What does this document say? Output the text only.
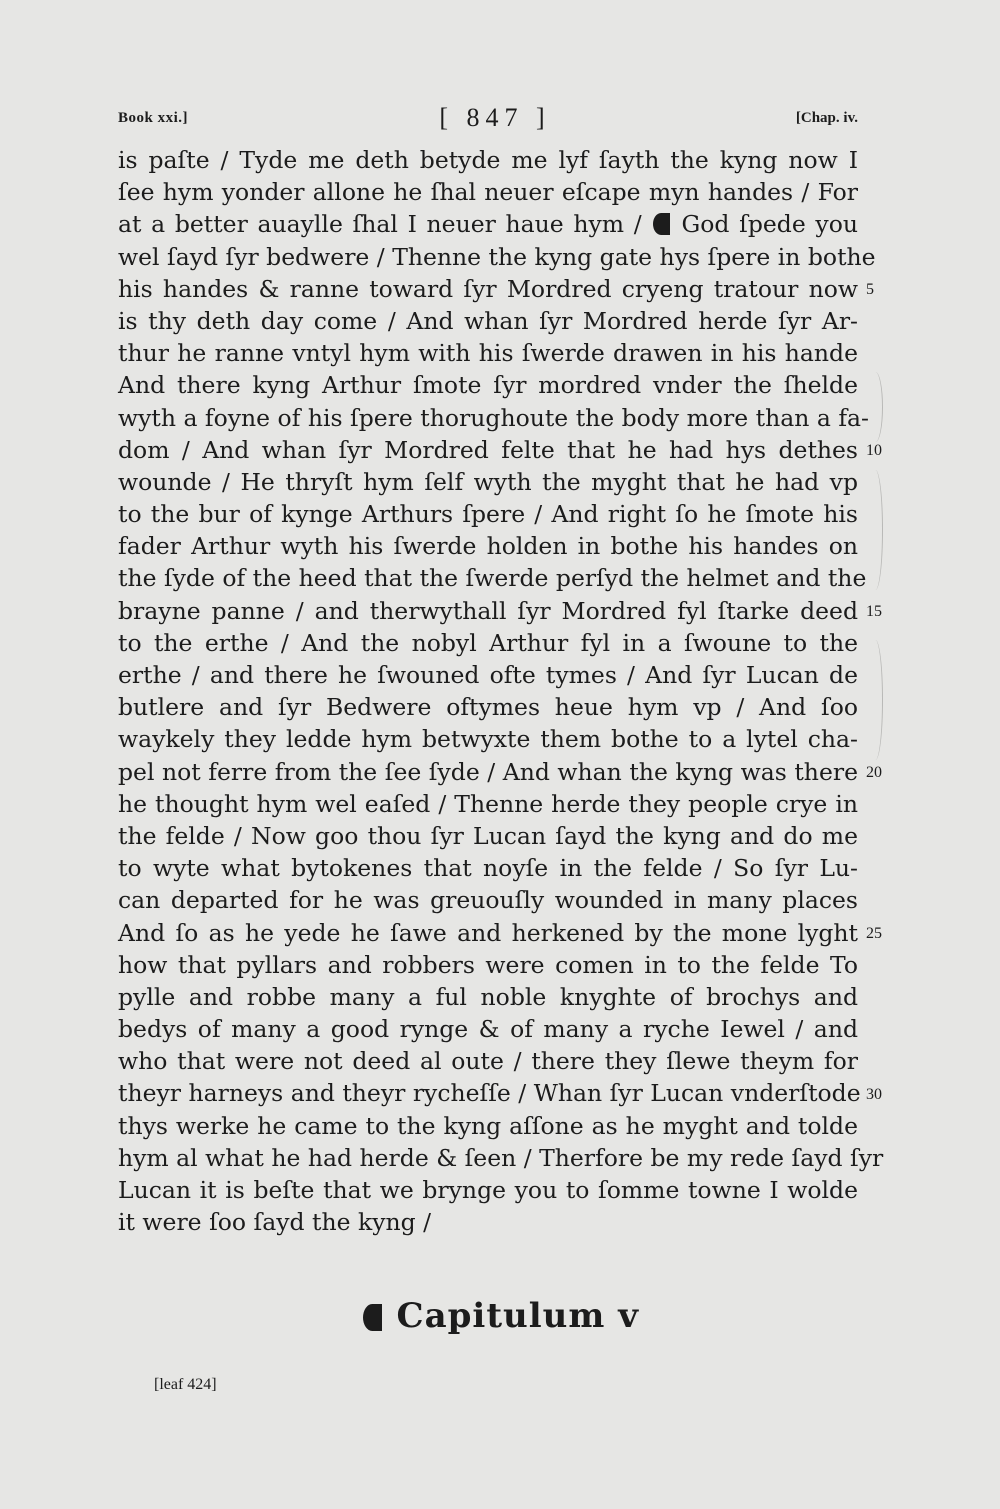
Book xxi.]	[ 847 ]	[Chap. iv.
is paſte / Tyde me deth betyde me lyf ſayth the kyng now I
ſee hym yonder allone he ſhal neuer eſcape myn handes / For
at a better auaylle ſhal I neuer haue hym / God ſpede you
wel ſayd ſyr bedwere / Thenne the kyng gate hys ſpere in bothe
his handes & ranne toward ſyr Mordred cryeng tratour now
is thy deth day come / And whan ſyr Mordred herde ſyr Ar-
thur he ranne vntyl hym with his ſwerde drawen in his hande
And there kyng Arthur ſmote ſyr mordred vnder the ſhelde
wyth a foyne of his ſpere thorughoute the body more than a fa-
dom / And whan ſyr Mordred felte that he had hys dethes
wounde / He thryſt hym ſelf wyth the myght that he had vp
to the bur of kynge Arthurs ſpere / And right ſo he ſmote his
fader Arthur wyth his ſwerde holden in bothe his handes on
the ſyde of the heed that the ſwerde perſyd the helmet and the
brayne panne / and therwythall ſyr Mordred fyl ſtarke deed
to the erthe / And the nobyl Arthur fyl in a ſwoune to the
erthe / and there he ſwouned ofte tymes / And ſyr Lucan de
butlere and ſyr Bedwere oftymes heue hym vp / And ſoo
waykely they ledde hym betwyxte them bothe to a lytel cha-
pel not ferre from the ſee ſyde / And whan the kyng was there
he thought hym wel eaſed / Thenne herde they people crye in
the felde / Now goo thou ſyr Lucan ſayd the kyng and do me
to wyte what bytokenes that noyſe in the felde / So ſyr Lu-
can departed for he was greuouſly wounded in many places
And ſo as he yede he ſawe and herkened by the mone lyght
how that pyllars and robbers were comen in to the felde To
pylle and robbe many a ful noble knyghte of brochys and
bedys of many a good rynge & of many a ryche Iewel / and
who that were not deed al oute / there they ſlewe theym for
theyr harneys and theyr rycheſſe / Whan ſyr Lucan vnderſtode
thys werke he came to the kyng aſſone as he myght and tolde
hym al what he had herde & ſeen / Therfore be my rede ſayd ſyr
Lucan it is beſte that we brynge you to ſomme towne I wolde
it were ſoo ſayd the kyng /
5
10
15
20
25
30
Capitulum v
[leaf 424]
